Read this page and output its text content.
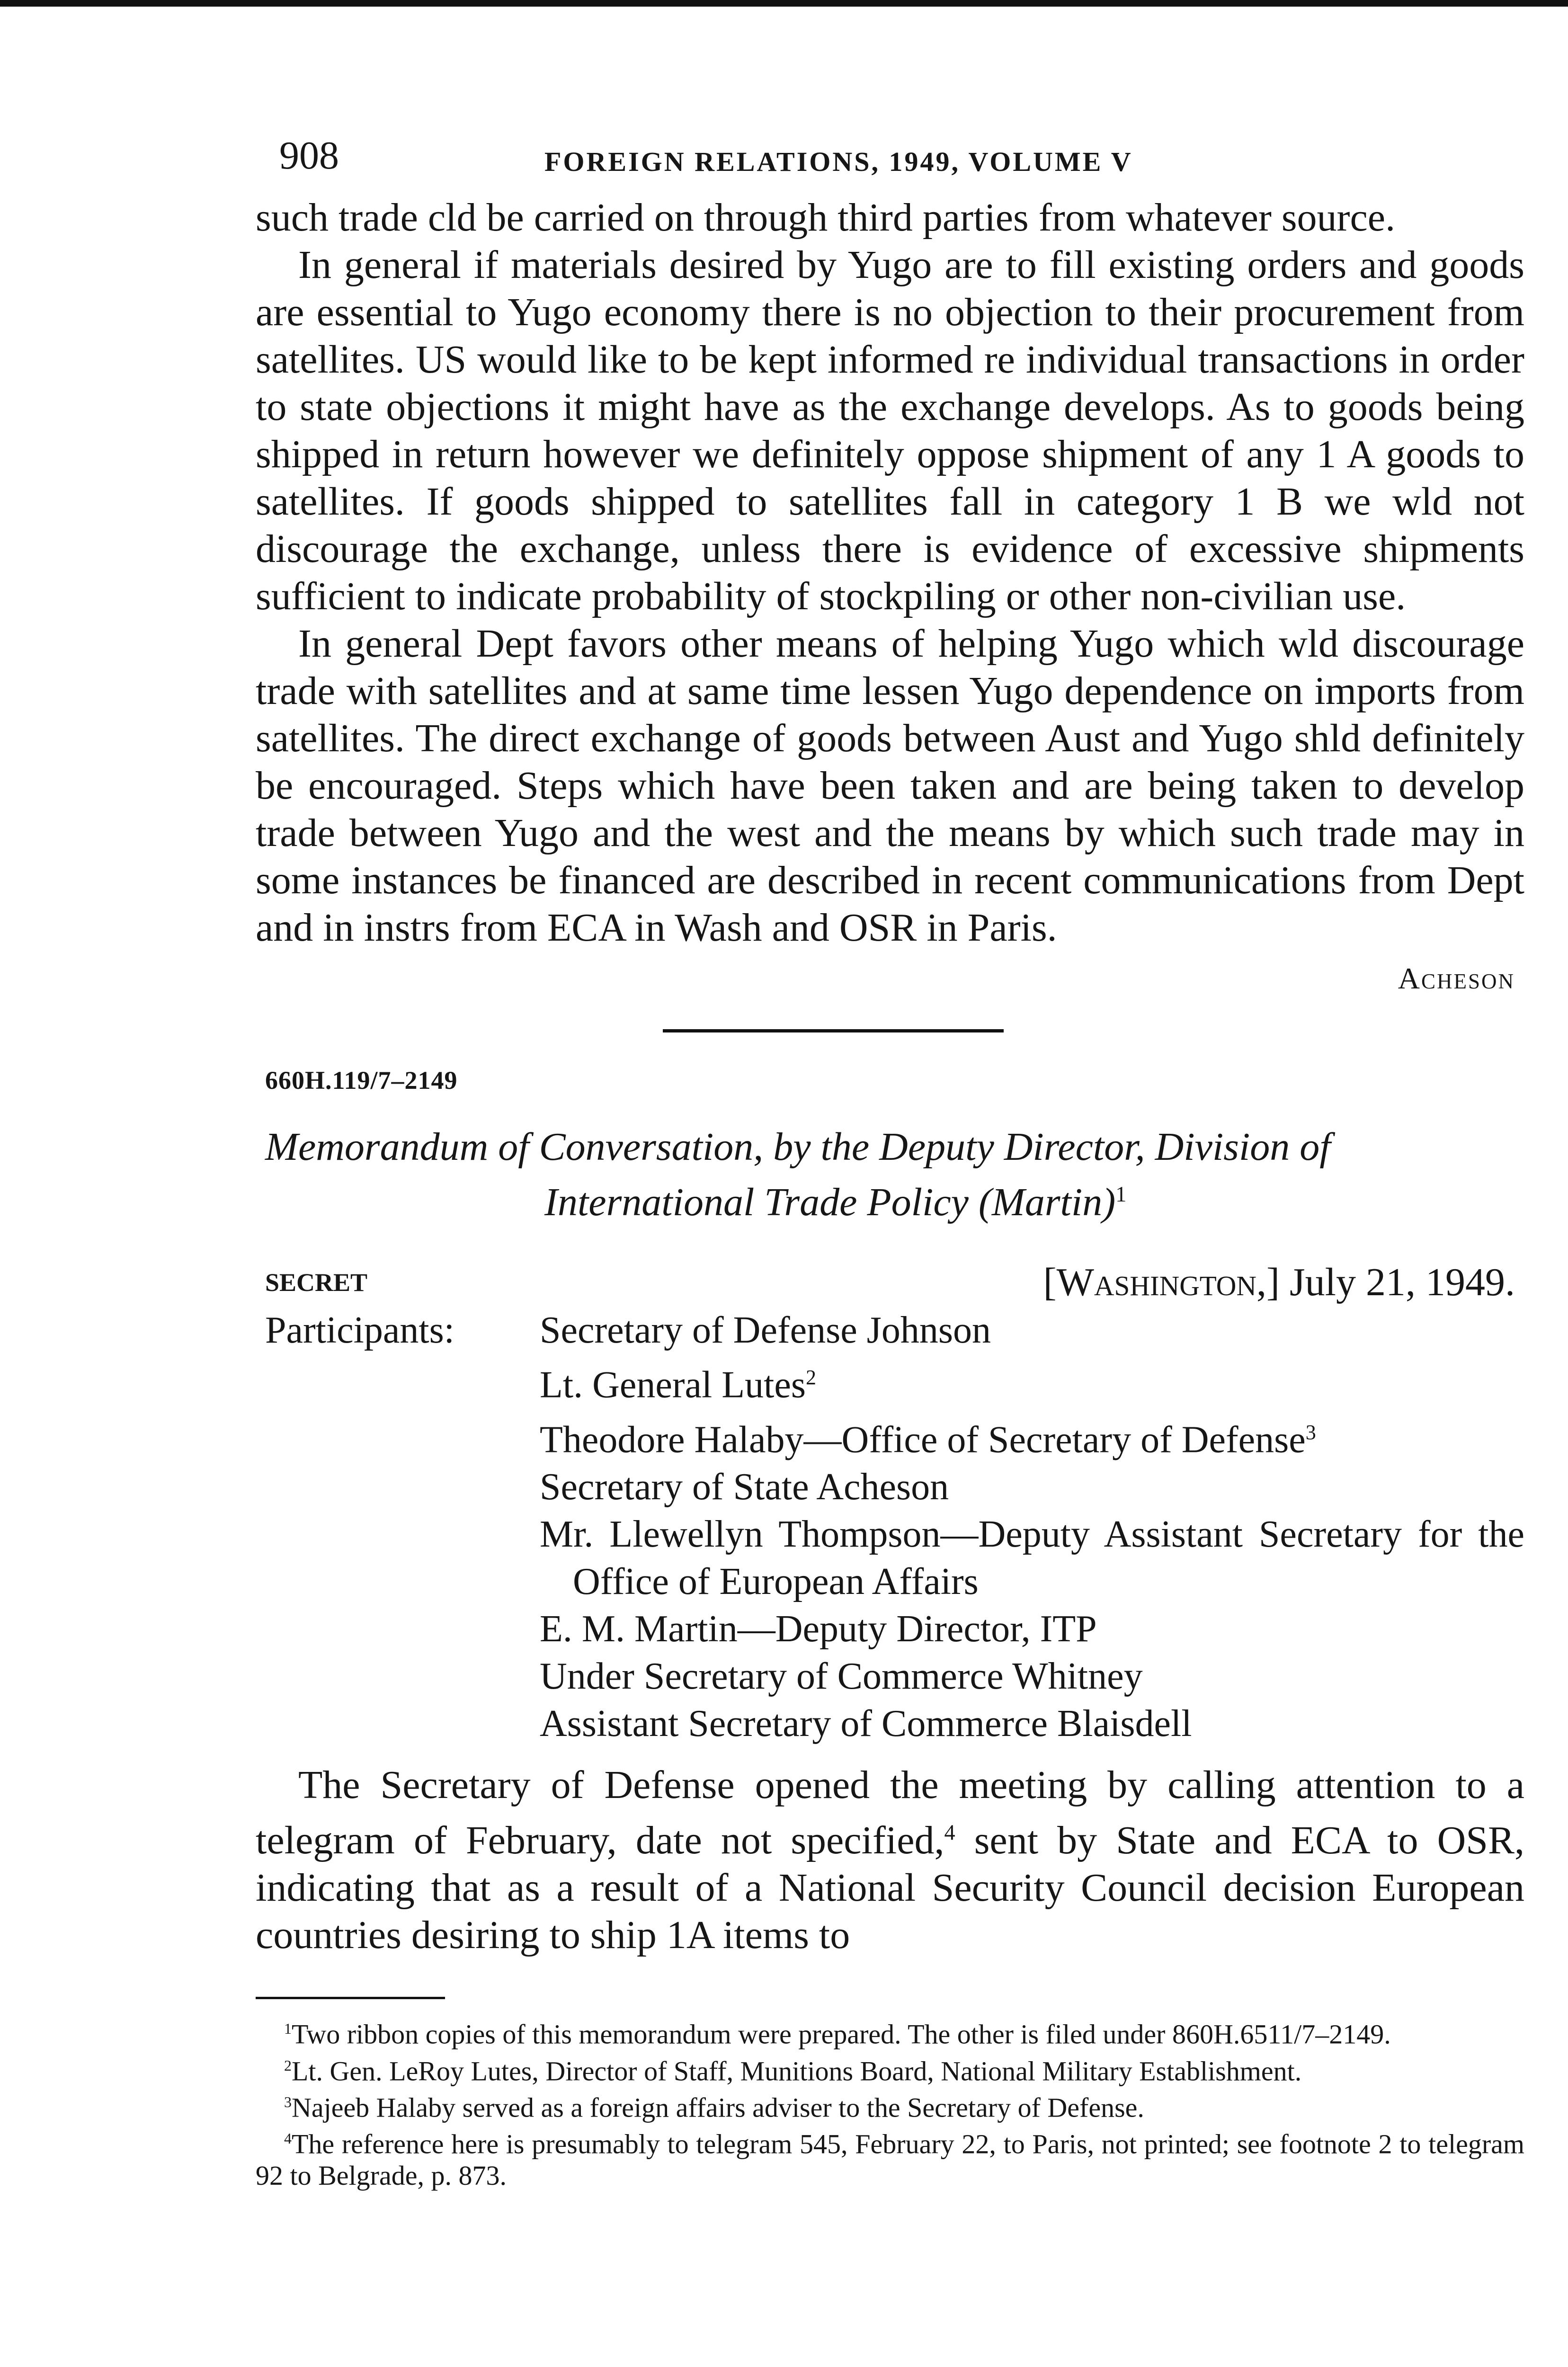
908	FOREIGN RELATIONS, 1949, VOLUME V

such trade cld be carried on through third parties from whatever source.

In general if materials desired by Yugo are to fill existing orders and goods are essential to Yugo economy there is no objection to their procurement from satellites. US would like to be kept informed re individual transactions in order to state objections it might have as the exchange develops. As to goods being shipped in return however we definitely oppose shipment of any 1 A goods to satellites. If goods shipped to satellites fall in category 1 B we wld not discourage the exchange, unless there is evidence of excessive shipments sufficient to indicate probability of stockpiling or other non-civilian use.

In general Dept favors other means of helping Yugo which wld discourage trade with satellites and at same time lessen Yugo dependence on imports from satellites. The direct exchange of goods between Aust and Yugo shld definitely be encouraged. Steps which have been taken and are being taken to develop trade between Yugo and the west and the means by which such trade may in some instances be financed are described in recent communications from Dept and in instrs from ECA in Wash and OSR in Paris.

Acheson
660H.119/7–2149
Memorandum of Conversation, by the Deputy Director, Division of
International Trade Policy (Martin)$^1$
SECRET	[Washington,] July 21, 1949.
Participants:	Secretary of Defense Johnson
Lt. General Lutes$^2$
Theodore Halaby—Office of Secretary of Defense$^3$
Secretary of State Acheson
Mr. Llewellyn Thompson—Deputy Assistant Secretary for the Office of European Affairs
E. M. Martin—Deputy Director, ITP
Under Secretary of Commerce Whitney
Assistant Secretary of Commerce Blaisdell

The Secretary of Defense opened the meeting by calling attention to a telegram of February, date not specified,$^4$ sent by State and ECA to OSR, indicating that as a result of a National Security Council decision European countries desiring to ship 1A items to

$^1$Two ribbon copies of this memorandum were prepared. The other is filed under 860H.6511/7–2149.

$^2$Lt. Gen. LeRoy Lutes, Director of Staff, Munitions Board, National Military Establishment.

$^3$Najeeb Halaby served as a foreign affairs adviser to the Secretary of Defense.

$^4$The reference here is presumably to telegram 545, February 22, to Paris, not printed; see footnote 2 to telegram 92 to Belgrade, p. 873.
